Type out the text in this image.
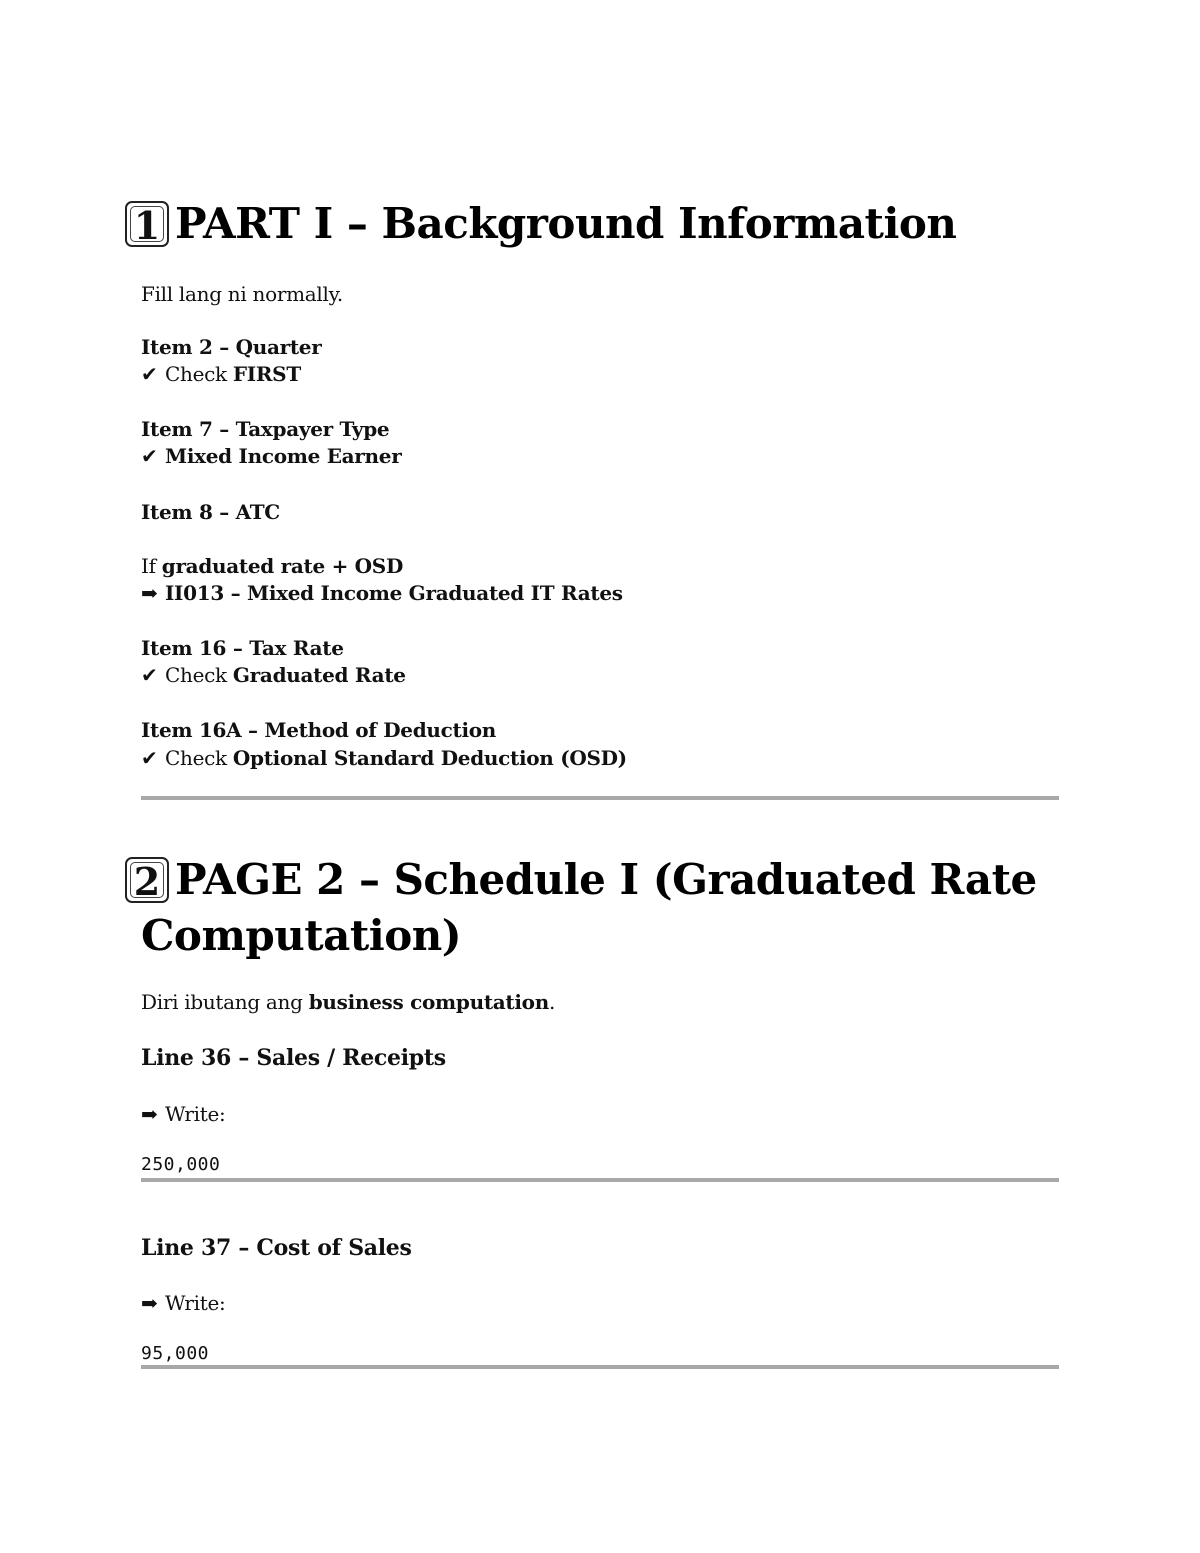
1 PART I – Background Information
Fill lang ni normally.
Item 2 – Quarter
✔ Check FIRST
Item 7 – Taxpayer Type
✔ Mixed Income Earner
Item 8 – ATC
If graduated rate + OSD
➡ II013 – Mixed Income Graduated IT Rates
Item 16 – Tax Rate
✔ Check Graduated Rate
Item 16A – Method of Deduction
✔ Check Optional Standard Deduction (OSD)
2 PAGE 2 – Schedule I (Graduated Rate
Computation)
Diri ibutang ang business computation.
Line 36 – Sales / Receipts
➡ Write:
250,000
Line 37 – Cost of Sales
➡ Write:
95,000
